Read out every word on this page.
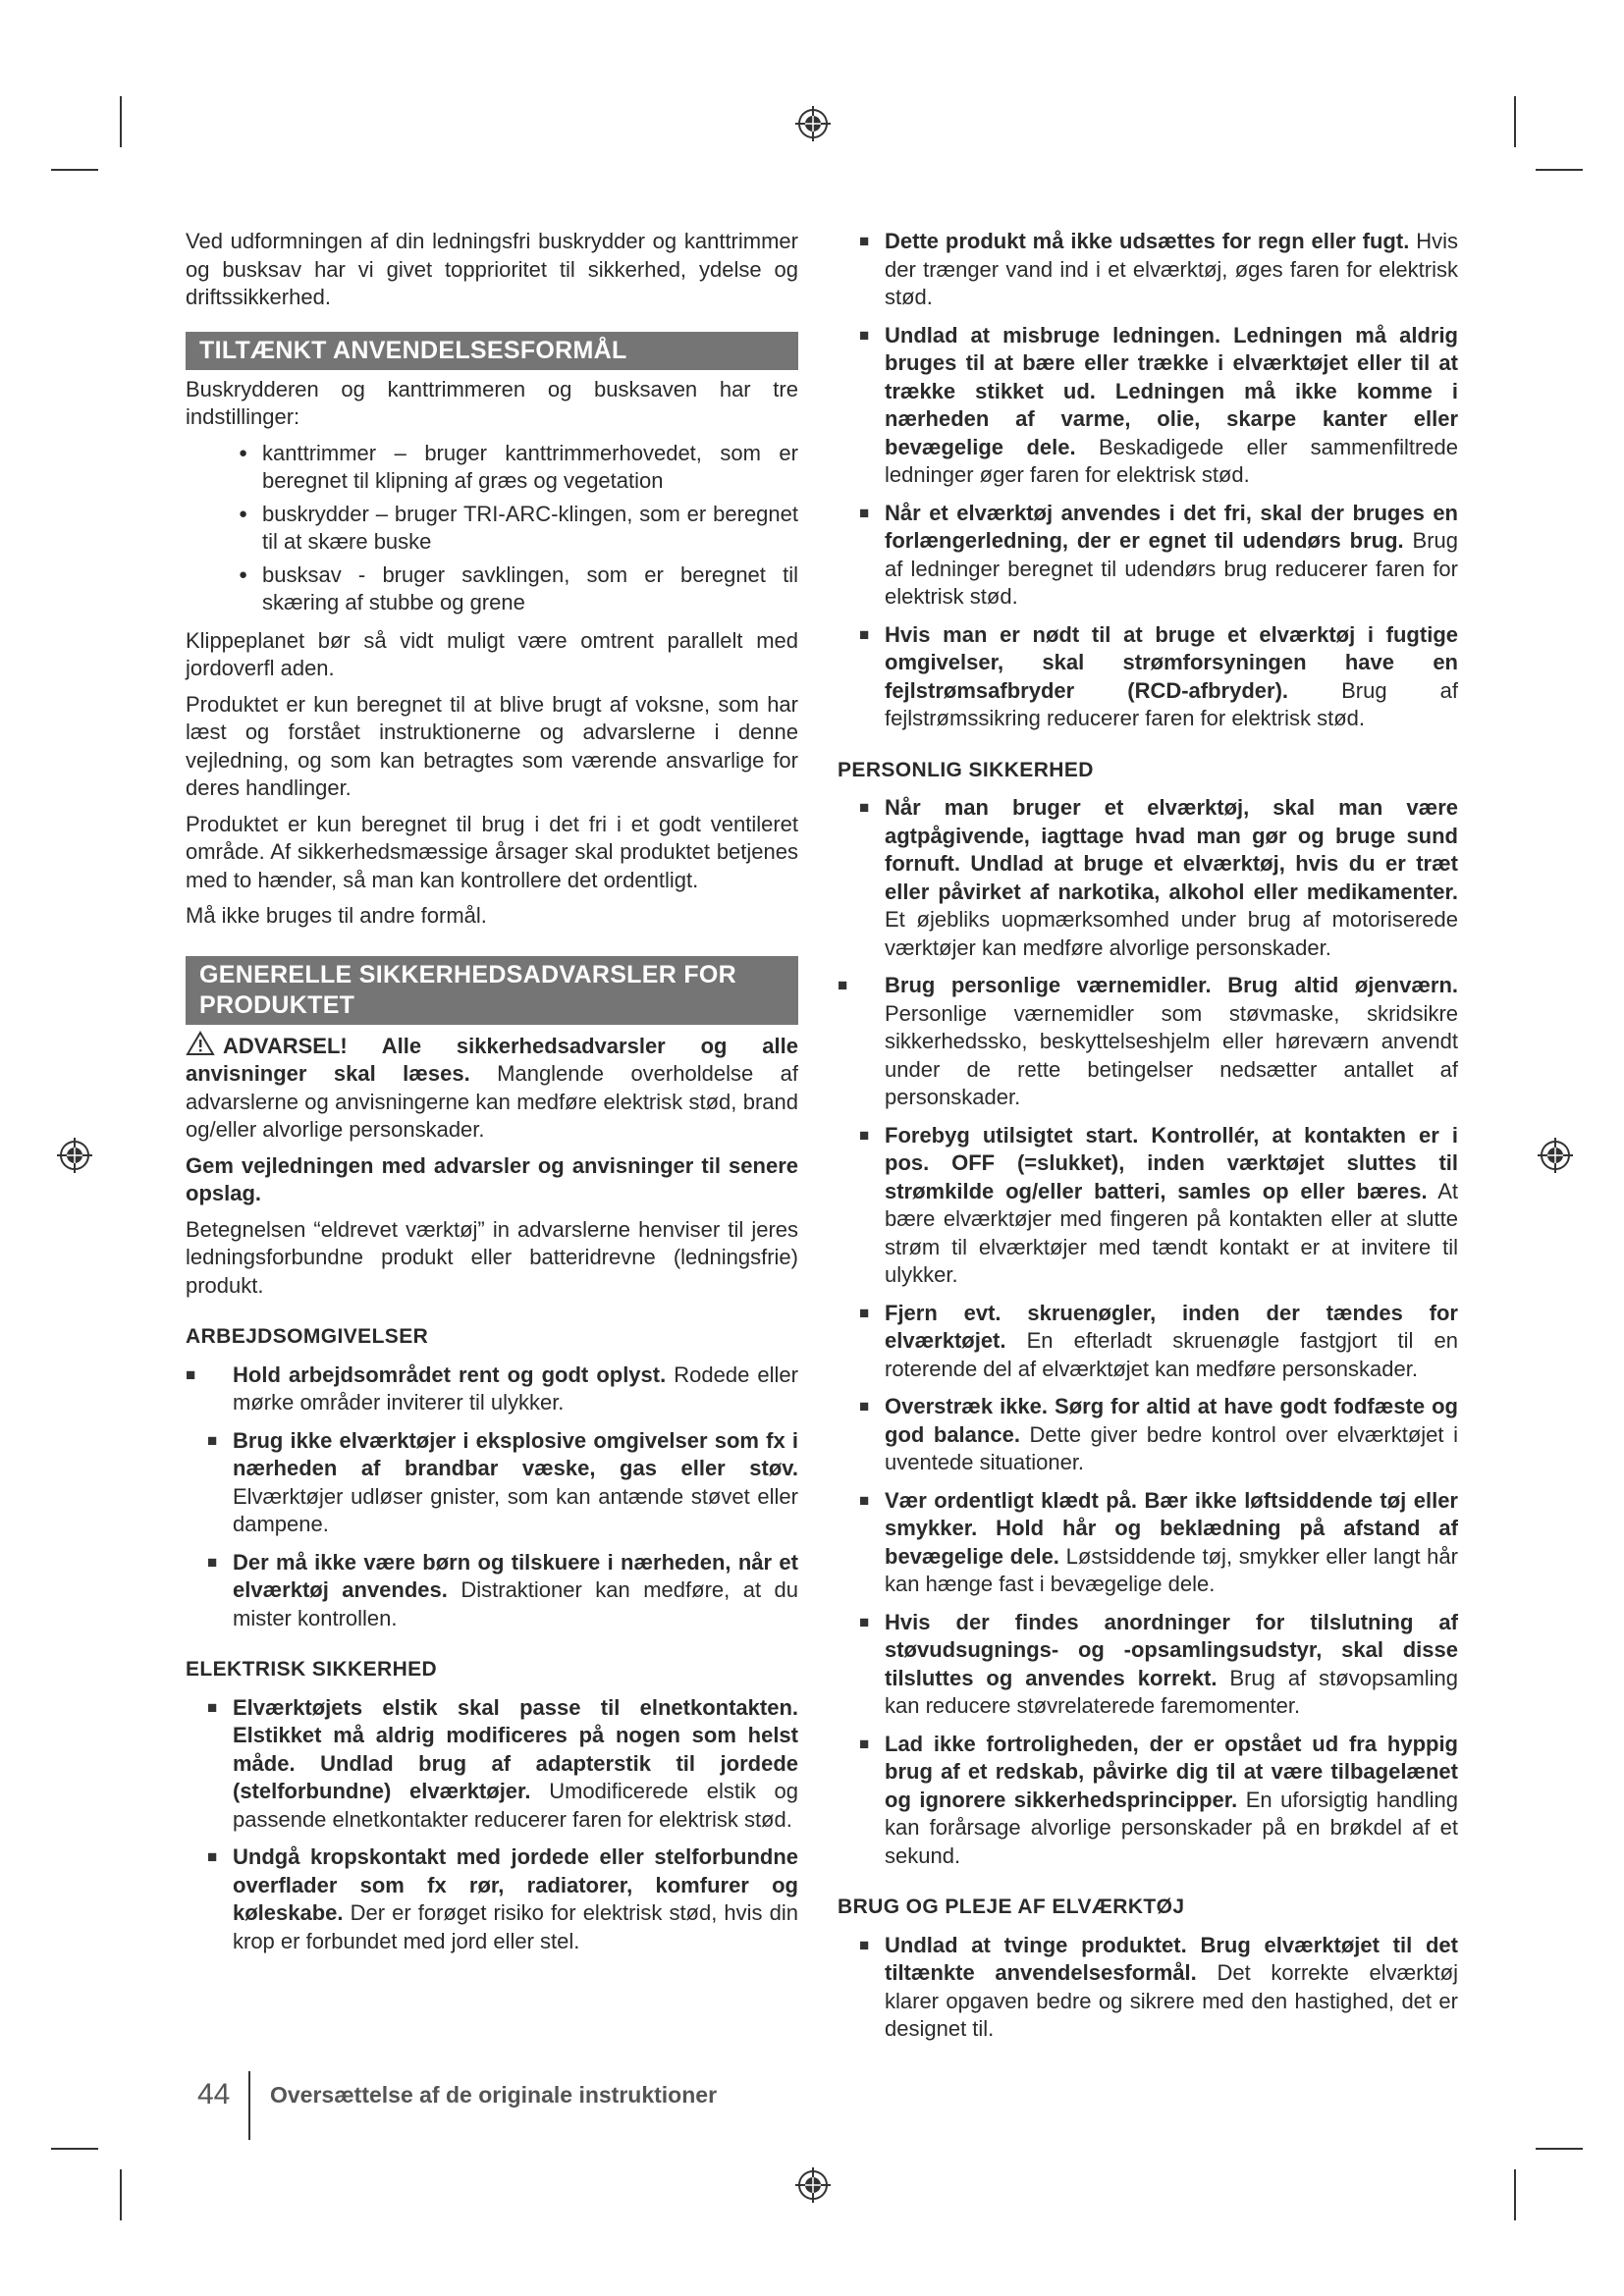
Ved udformningen af din ledningsfri buskrydder og kanttrimmer og busksav har vi givet topprioritet til sikkerhed, ydelse og driftssikkerhed.

TILTÆNKT ANVENDELSESFORMÅL

Buskrydderen og kanttrimmeren og busksaven har tre indstillinger:

● kanttrimmer – bruger kanttrimmerhovedet, som er beregnet til klipning af græs og vegetation
● buskrydder – bruger TRI-ARC-klingen, som er beregnet til at skære buske
● busksav - bruger savklingen, som er beregnet til skæring af stubbe og grene

Klippeplanet bør så vidt muligt være omtrent parallelt med jordoverfl aden.

Produktet er kun beregnet til at blive brugt af voksne, som har læst og forstået instruktionerne og advarslerne i denne vejledning, og som kan betragtes som værende ansvarlige for deres handlinger.

Produktet er kun beregnet til brug i det fri i et godt ventileret område. Af sikkerhedsmæssige årsager skal produktet betjenes med to hænder, så man kan kontrollere det ordentligt.

Må ikke bruges til andre formål.

GENERELLE SIKKERHEDSADVARSLER FOR PRODUKTET

ADVARSEL! Alle sikkerhedsadvarsler og alle anvisninger skal læses. Manglende overholdelse af advarslerne og anvisningerne kan medføre elektrisk stød, brand og/eller alvorlige personskader.

Gem vejledningen med advarsler og anvisninger til senere opslag.

Betegnelsen “eldrevet værktøj” in advarslerne henviser til jeres ledningsforbundne produkt eller batteridrevne (ledningsfrie) produkt.

ARBEJDSOMGIVELSER

■ Hold arbejdsområdet rent og godt oplyst. Rodede eller mørke områder inviterer til ulykker.

■ Brug ikke elværktøjer i eksplosive omgivelser som fx i nærheden af brandbar væske, gas eller støv. Elværktøjer udløser gnister, som kan antænde støvet eller dampene.

■ Der må ikke være børn og tilskuere i nærheden, når et elværktøj anvendes. Distraktioner kan medføre, at du mister kontrollen.

ELEKTRISK SIKKERHED

■ Elværktøjets elstik skal passe til elnetkontakten. Elstikket må aldrig modificeres på nogen som helst måde. Undlad brug af adapterstik til jordede (stelforbundne) elværktøjer. Umodificerede elstik og passende elnetkontakter reducerer faren for elektrisk stød.

■ Undgå kropskontakt med jordede eller stelforbundne overflader som fx rør, radiatorer, komfurer og køleskabe. Der er forøget risiko for elektrisk stød, hvis din krop er forbundet med jord eller stel.

■ Dette produkt må ikke udsættes for regn eller fugt. Hvis der trænger vand ind i et elværktøj, øges faren for elektrisk stød.

■ Undlad at misbruge ledningen. Ledningen må aldrig bruges til at bære eller trække i elværktøjet eller til at trække stikket ud. Ledningen må ikke komme i nærheden af varme, olie, skarpe kanter eller bevægelige dele. Beskadigede eller sammenfiltrede ledninger øger faren for elektrisk stød.

■ Når et elværktøj anvendes i det fri, skal der bruges en forlængerledning, der er egnet til udendørs brug. Brug af ledninger beregnet til udendørs brug reducerer faren for elektrisk stød.

■ Hvis man er nødt til at bruge et elværktøj i fugtige omgivelser, skal strømforsyningen have en fejlstrømsafbryder (RCD-afbryder). Brug af fejlstrømssikring reducerer faren for elektrisk stød.

PERSONLIG SIKKERHED

■ Når man bruger et elværktøj, skal man være agtpågivende, iagttage hvad man gør og bruge sund fornuft. Undlad at bruge et elværktøj, hvis du er træt eller påvirket af narkotika, alkohol eller medikamenter. Et øjebliks uopmærksomhed under brug af motoriserede værktøjer kan medføre alvorlige personskader.

■ Brug personlige værnemidler. Brug altid øjenværn. Personlige værnemidler som støvmaske, skridsikre sikkerhedssko, beskyttelseshjelm eller høreværn anvendt under de rette betingelser nedsætter antallet af personskader.

■ Forebyg utilsigtet start. Kontrollér, at kontakten er i pos. OFF (=slukket), inden værktøjet sluttes til strømkilde og/eller batteri, samles op eller bæres. At bære elværktøjer med fingeren på kontakten eller at slutte strøm til elværktøjer med tændt kontakt er at invitere til ulykker.

■ Fjern evt. skruenøgler, inden der tændes for elværktøjet. En efterladt skruenøgle fastgjort til en roterende del af elværktøjet kan medføre personskader.

■ Overstræk ikke. Sørg for altid at have godt fodfæste og god balance. Dette giver bedre kontrol over elværktøjet i uventede situationer.

■ Vær ordentligt klædt på. Bær ikke løftsiddende tøj eller smykker. Hold hår og beklædning på afstand af bevægelige dele. Løstsiddende tøj, smykker eller langt hår kan hænge fast i bevægelige dele.

■ Hvis der findes anordninger for tilslutning af støvudsugnings- og -opsamlingsudstyr, skal disse tilsluttes og anvendes korrekt. Brug af støvopsamling kan reducere støvrelaterede faremomenter.

■ Lad ikke fortroligheden, der er opstået ud fra hyppig brug af et redskab, påvirke dig til at være tilbagelænet og ignorere sikkerhedsprincipper. En uforsigtig handling kan forårsage alvorlige personskader på en brøkdel af et sekund.

BRUG OG PLEJE AF ELVÆRKTØJ

■ Undlad at tvinge produktet. Brug elværktøjet til det tiltænkte anvendelsesformål. Det korrekte elværktøj klarer opgaven bedre og sikrere med den hastighed, det er designet til.

44 Oversættelse af de originale instruktioner
